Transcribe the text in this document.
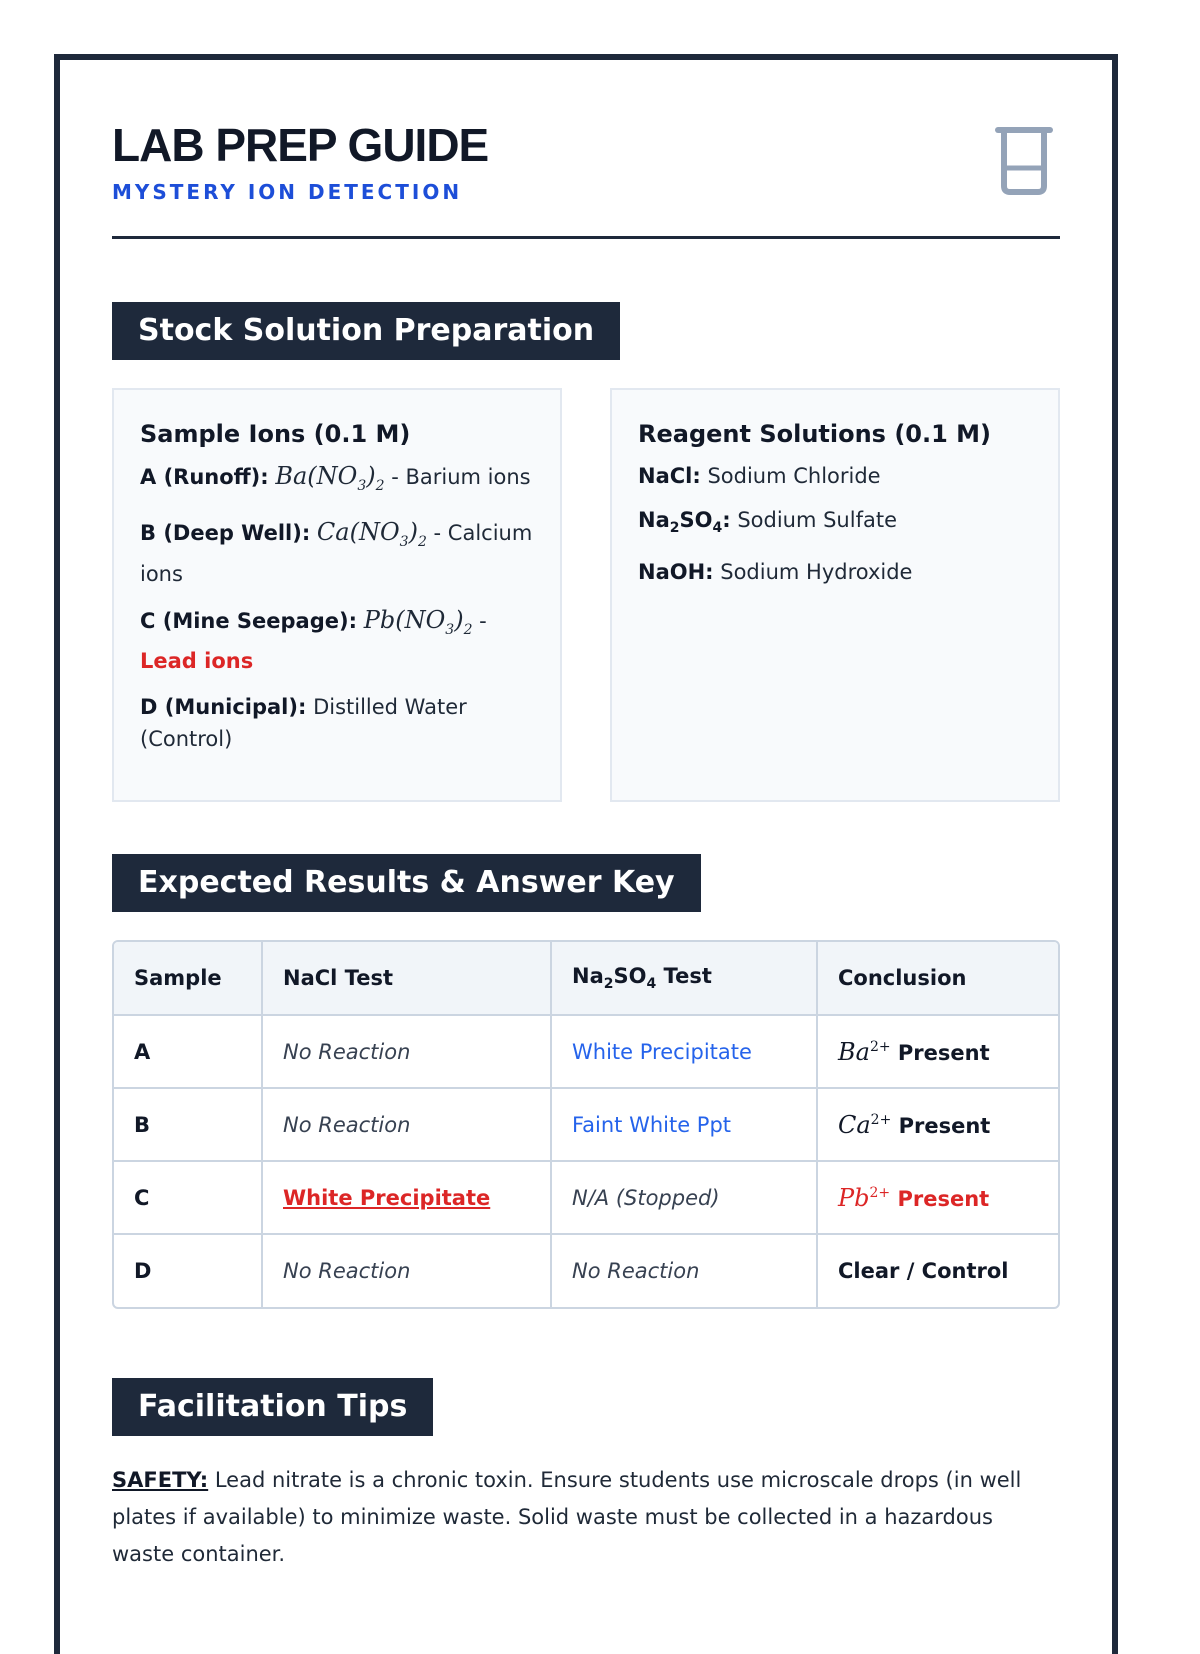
LAB PREP GUIDE
MYSTERY ION DETECTION
Stock Solution Preparation
Sample Ions (0.1 M)

A (Runoff): $Ba(NO_3)_2$ - Barium ions

B (Deep Well): $Ca(NO_3)_2$ - Calcium ions

C (Mine Seepage): $Pb(NO_3)_2$ - Lead ions

D (Municipal): Distilled Water (Control)

Reagent Solutions (0.1 M)

NaCl: Sodium Chloride

$Na_2SO_4$: Sodium Sulfate

NaOH: Sodium Hydroxide

Expected Results & Answer Key
Sample	NaCl Test	$Na_2SO_4$ Test	Conclusion
A	No Reaction	White Precipitate	$Ba^{2+}$ Present
B	No Reaction	Faint White Ppt	$Ca^{2+}$ Present
C	White Precipitate	N/A (Stopped)	$Pb^{2+}$ Present
D	No Reaction	No Reaction	Clear / Control
Facilitation Tips

SAFETY: Lead nitrate is a chronic toxin. Ensure students use microscale drops (in well plates if available) to minimize waste. Solid waste must be collected in a hazardous waste container.
